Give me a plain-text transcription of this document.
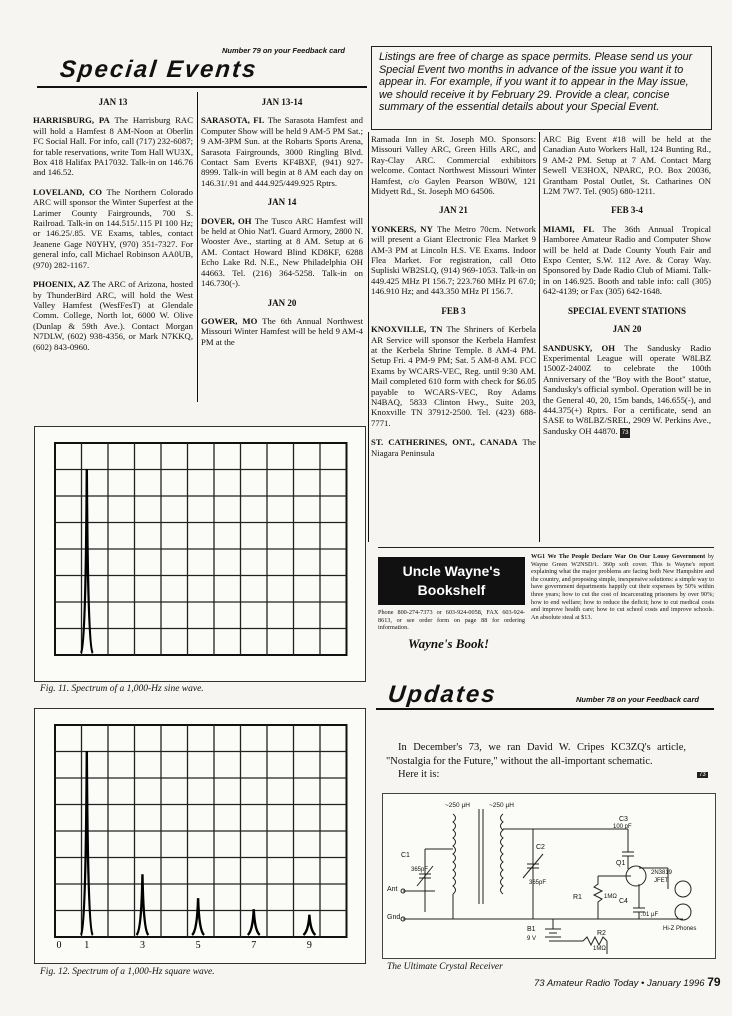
Number 79 on your Feedback card
Special Events	Listings are free of charge as space permits. Please send us your Special Event two months in advance of the issue you want it to appear in. For example, if you want it to appear in the May issue, we should receive it by February 29. Provide a clear, concise summary of the essential details about your Special Event.
JAN 13

HARRISBURG, PA The Harrisburg RAC will hold a Hamfest 8 AM-Noon at Oberlin FC Social Hall. For info, call (717) 232-6087; for table reservations, write Tom Hall WU3X, Box 418 Halifax PA17032. Talk-in on 146.76 and 146.52.

LOVELAND, CO The Northern Colorado ARC will sponsor the Winter Superfest at the Larimer County Fairgrounds, 700 S. Railroad. Talk-in on 144.515/.115 PI 100 Hz; or 146.25/.85. VE Exams, tables, contact Jeanene Gage N0YHY, (970) 351-7327. For general info, call Michael Robinson AA0UB, (970) 282-1167.

PHOENIX, AZ The ARC of Arizona, hosted by ThunderBird ARC, will hold the West Valley Hamfest (WesfFesT) at Glendale Comm. College, North lot, 6000 W. Olive (Dunlap & 59th Ave.). Contact Morgan N7DLW, (602) 938-4356, or Mark N7KKQ, (602) 843-0960.

JAN 13-14

SARASOTA, FL The Sarasota Hamfest and Computer Show will be held 9 AM-5 PM Sat.; 9 AM-3PM Sun. at the Robarts Sports Arena, Sarasota Fairgrounds, 3000 Ringling Blvd. Contact Sam Everts KF4BXF, (941) 927-8999. Talk-in will begin at 8 AM each day on 146.31/.91 and 444.925/449.925 Rptrs.

JAN 14

DOVER, OH The Tusco ARC Hamfest will be held at Ohio Nat'l. Guard Armory, 2800 N. Wooster Ave., starting at 8 AM. Setup at 6 AM. Contact Howard Blind KD8KF, 6288 Echo Lake Rd. N.E., New Philadelphia OH 44663. Tel. (216) 364-5258. Talk-in on 146.730(-).

JAN 20

GOWER, MO The 6th Annual Northwest Missouri Winter Hamfest will be held 9 AM-4 PM at the

Ramada Inn in St. Joseph MO. Sponsors: Missouri Valley ARC, Green Hills ARC, and Ray-Clay ARC. Commercial exhibitors welcome. Contact Northwest Missouri Winter Hamfest, c/o Gaylen Pearson WB0W, 121 Midyett Rd., St. Joseph MO 64506.

JAN 21

YONKERS, NY The Metro 70cm. Network will present a Giant Electronic Flea Market 9 AM-3 PM at Lincoln H.S. VE Exams. Indoor Flea Market. For registration, call Otto Supliski WB2SLQ, (914) 969-1053. Talk-in on 449.425 MHz PI 156.7; 223.760 MHz PI 67.0; 146.910 Hz; and 443.350 MHz PI 156.7.

FEB 3

KNOXVILLE, TN The Shriners of Kerbela AR Service will sponsor the Kerbela Hamfest at the Kerbela Shrine Temple. 8 AM-4 PM. Setup Fri. 4 PM-9 PM; Sat. 5 AM-8 AM. FCC Exams by WCARS-VEC, Reg. until 9:30 AM. Mail completed 610 form with check for $6.05 payable to WCARS-VEC, Roy Adams N4BAQ, 5833 Clinton Hwy., Suite 203, Knoxville TN 37912-2500. Tel. (423) 688-7771.

ST. CATHERINES, ONT., CANADA The Niagara Peninsula

ARC Big Event #18 will be held at the Canadian Auto Workers Hall, 124 Bunting Rd., 9 AM-2 PM. Setup at 7 AM. Contact Marg Sewell VE3HOX, NPARC, P.O. Box 20036, Grantham Postal Outlet, St. Catharines ON L2M 7W7. Tel. (905) 680-1211.

FEB 3-4

MIAMI, FL The 36th Annual Tropical Hamboree Amateur Radio and Computer Show will be held at Dade County Youth Fair and Expo Center, S.W. 112 Ave. & Coray Way. Sponsored by Dade Radio Club of Miami. Talk-in on 146.925. Booth and table info: call (305) 642-4139; or Fax (305) 642-1648.

SPECIAL EVENT STATIONS
JAN 20

SANDUSKY, OH The Sandusky Radio Experimental League will operate W8LBZ 1500Z-2400Z to celebrate the 100th Anniversary of the "Boy with the Boot" statue, Sandusky's official symbol. Operation will be in the General 40, 20, 15m bands, 146.655(-), and 444.375(+) Rptrs. For a certificate, send an SASE to W8LBZ/SREL, 2909 W. Perkins Ave., Sandusky OH 44870. 73

Fig. 11. Spectrum of a 1,000-Hz sine wave.
0 1	3	5	7	9
Fig. 12. Spectrum of a 1,000-Hz square wave.
Uncle Wayne's
Bookshelf
Phone 800-274-7373 or 603-924-0058, FAX 603-924-8613, or see order form on page 88 for ordering information.
Wayne's Book!
WG1 We The People Declare War On Our Lousy Government by Wayne Green W2NSD/1. 360p soft cover. This is Wayne's report explaining what the major problems are facing both New Hampshire and the country, and proposing simple, inexpensive solutions: a simple way to have government departments happily cut their expenses by 50% within three years; how to cut the cost of incarcerating prisoners by over 90%; how to end welfare; how to reduce the deficit; how to cut medical costs and improve health care; how to cut school costs and improve schools. An absolute steal at $13.
Number 78 on your Feedback card
Updates
In December's 73, we ran David W. Cripes KC3ZQ's article, "Nostalgia for the Future," without the all-important schematic.
Here it is:	73
~250 µH	~250 µH
C1
365pF
C2
365pF
C3
100 pF
Q1
2N3819
JFET
R1	1MΩ
C4
.01 µF
Ant
Gnd
B1
9 V
R2
1MΩ
Hi-Z Phones
The Ultimate Crystal Receiver
73 Amateur Radio Today • January 1996 79
